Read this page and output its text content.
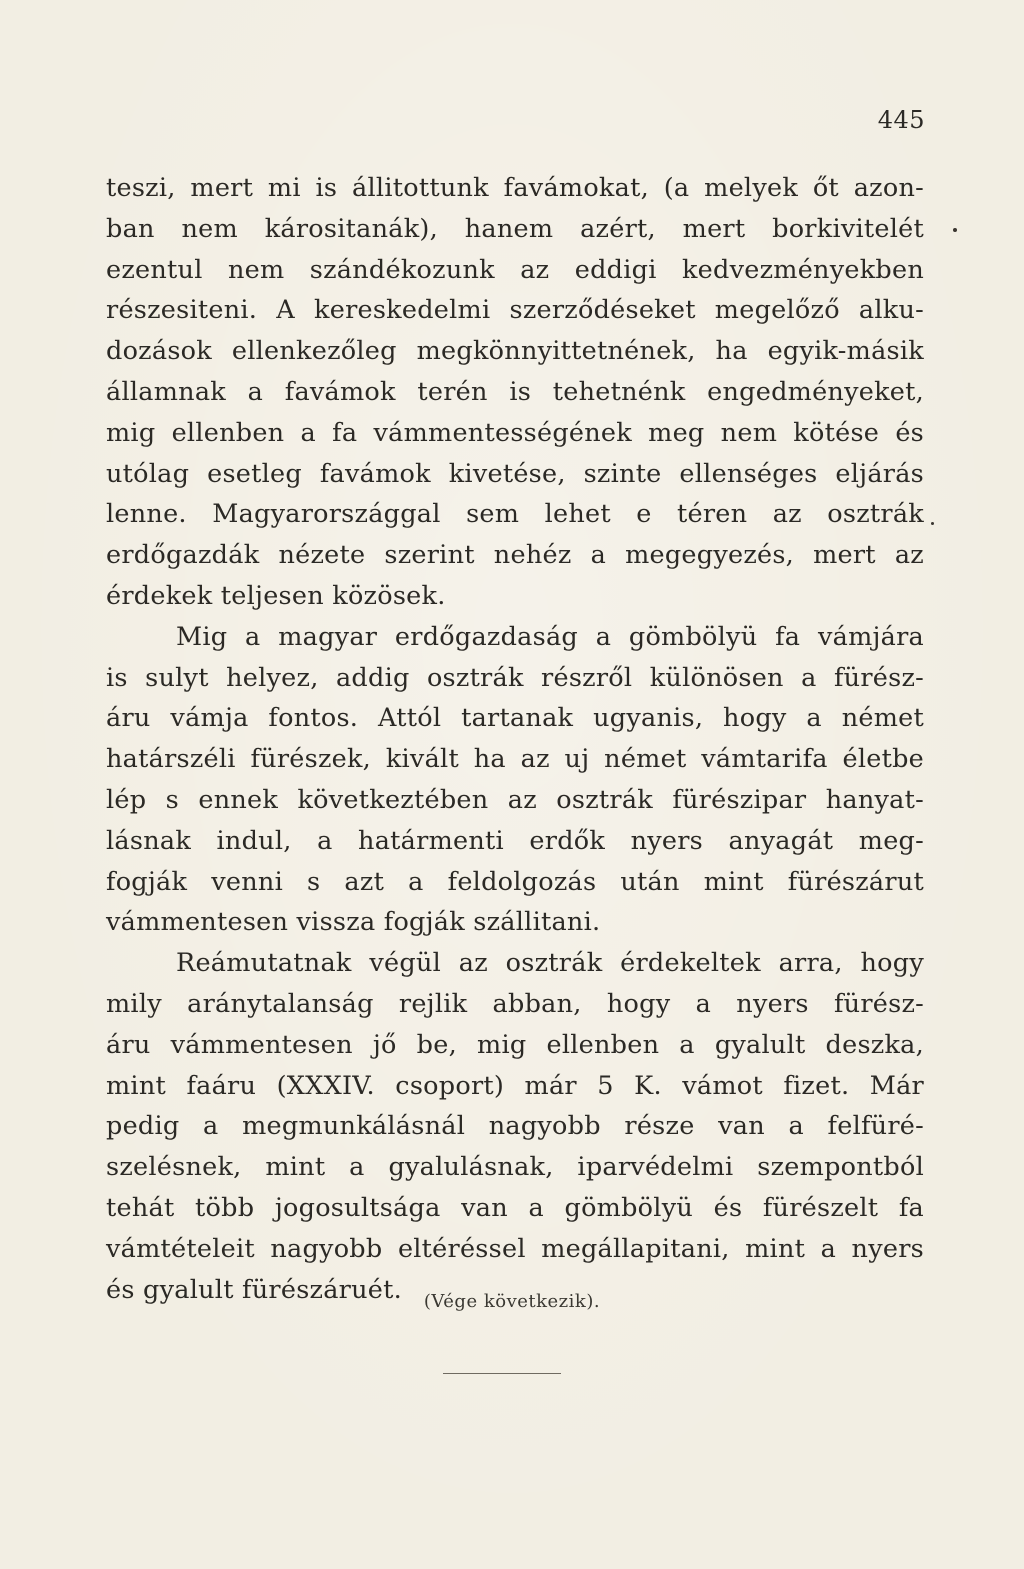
445
teszi, mert mi is állitottunk favámokat, (a melyek őt azon-
ban nem kárositanák), hanem azért, mert borkivitelét
ezentul nem szándékozunk az eddigi kedvezményekben
részesiteni. A kereskedelmi szerződéseket megelőző alku-
dozások ellenkezőleg megkönnyittetnének, ha egyik-másik
államnak a favámok terén is tehetnénk engedményeket,
mig ellenben a fa vámmentességének meg nem kötése és
utólag esetleg favámok kivetése, szinte ellenséges eljárás
lenne. Magyarországgal sem lehet e téren az osztrák
erdőgazdák nézete szerint nehéz a megegyezés, mert az
érdekek teljesen közösek.
Mig a magyar erdőgazdaság a gömbölyü fa vámjára
is sulyt helyez, addig osztrák részről különösen a fürész-
áru vámja fontos. Attól tartanak ugyanis, hogy a német
határszéli fürészek, kivált ha az uj német vámtarifa életbe
lép s ennek következtében az osztrák fürészipar hanyat-
lásnak indul, a határmenti erdők nyers anyagát meg-
fogják venni s azt a feldolgozás után mint fürészárut
vámmentesen vissza fogják szállitani.
Reámutatnak végül az osztrák érdekeltek arra, hogy
mily aránytalanság rejlik abban, hogy a nyers fürész-
áru vámmentesen jő be, mig ellenben a gyalult deszka,
mint faáru (XXXIV. csoport) már 5 K. vámot fizet. Már
pedig a megmunkálásnál nagyobb része van a felfüré-
szelésnek, mint a gyalulásnak, iparvédelmi szempontból
tehát több jogosultsága van a gömbölyü és fürészelt fa
vámtételeit nagyobb eltéréssel megállapitani, mint a nyers
és gyalult fürészáruét.	(Vége következik).
